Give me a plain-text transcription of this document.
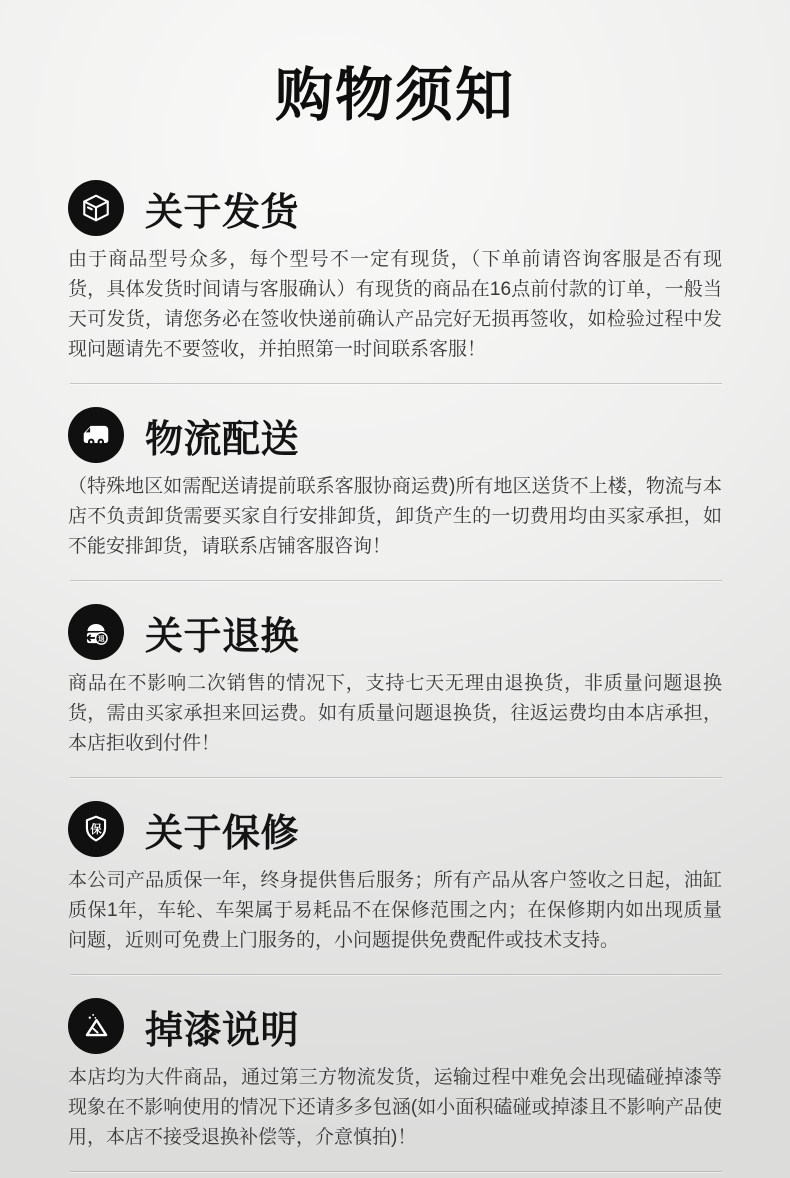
购物须知
关于发货

由于商品型号众多，每个型号不一定有现货，（下单前请咨询客服是否有现货，具体发货时间请与客服确认）有现货的商品在16点前付款的订单，一般当天可发货，请您务必在签收快递前确认产品完好无损再签收，如检验过程中发现问题请先不要签收，并拍照第一时间联系客服！

物流配送

（特殊地区如需配送请提前联系客服协商运费)所有地区送货不上楼，物流与本店不负责卸货需要买家自行安排卸货，卸货产生的一切费用均由买家承担，如不能安排卸货，请联系店铺客服咨询！

退 关于退换

商品在不影响二次销售的情况下，支持七天无理由退换货，非质量问题退换货，需由买家承担来回运费。如有质量问题退换货，往返运费均由本店承担，本店拒收到付件！

保 关于保修

本公司产品质保一年，终身提供售后服务；所有产品从客户签收之日起，油缸质保1年，车轮、车架属于易耗品不在保修范围之内；在保修期内如出现质量问题，近则可免费上门服务的，小问题提供免费配件或技术支持。

掉漆说明

本店均为大件商品，通过第三方物流发货，运输过程中难免会出现磕碰掉漆等现象在不影响使用的情况下还请多多包涵(如小面积磕碰或掉漆且不影响产品使用，本店不接受退换补偿等，介意慎拍)！
